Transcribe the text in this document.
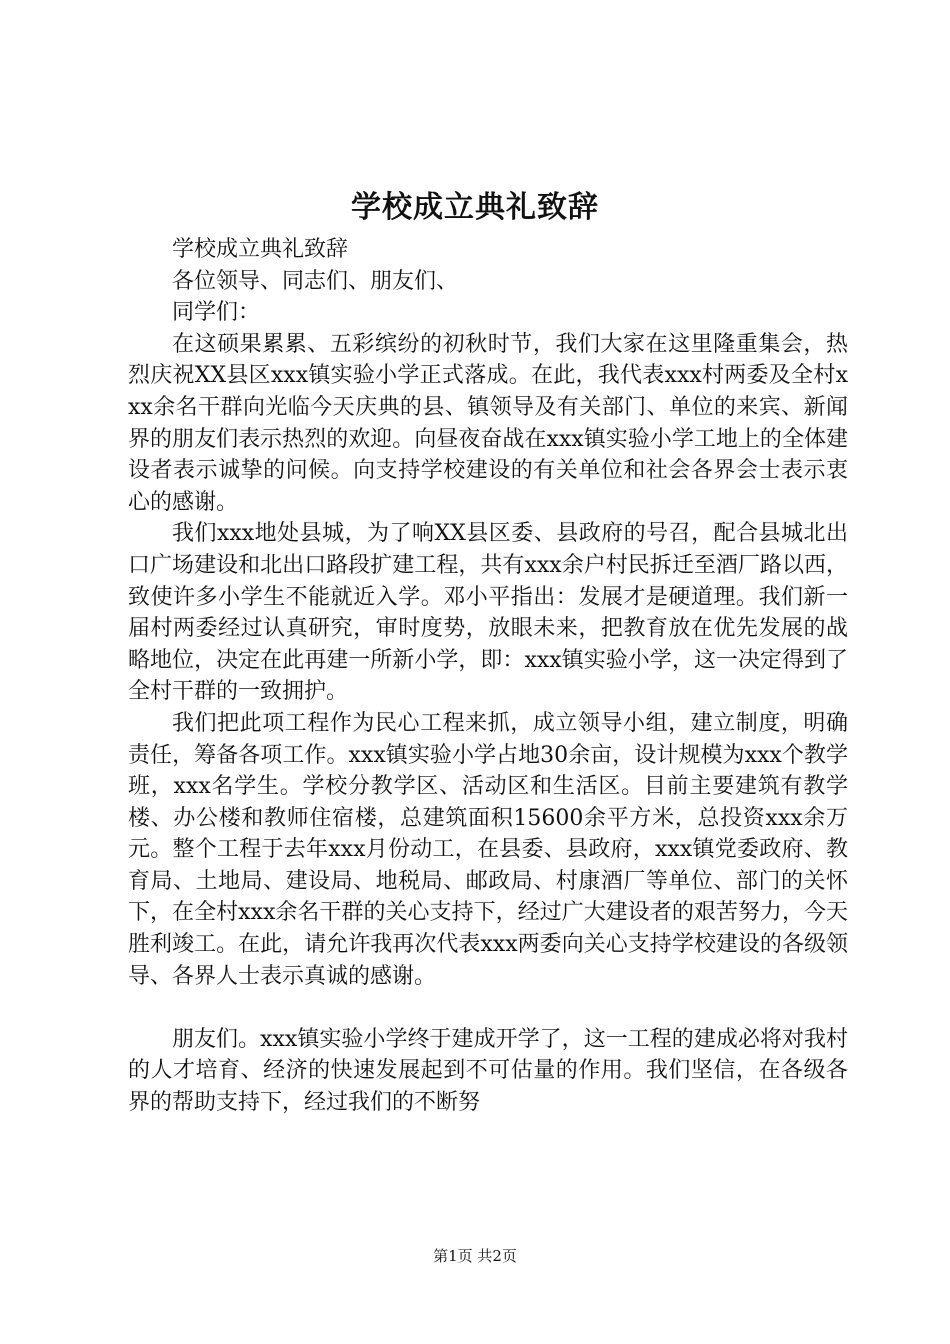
学校成立典礼致辞

学校成立典礼致辞

各位领导、同志们、朋友们、

同学们：

在这硕果累累、五彩缤纷的初秋时节，我们大家在这里隆重集会，热烈庆祝XX县区xxx镇实验小学正式落成。在此，我代表xxx村两委及全村xxx余名干群向光临今天庆典的县、镇领导及有关部门、单位的来宾、新闻界的朋友们表示热烈的欢迎。向昼夜奋战在xxx镇实验小学工地上的全体建设者表示诚挚的问候。向支持学校建设的有关单位和社会各界会士表示衷心的感谢。

我们xxx地处县城，为了响XX县区委、县政府的号召，配合县城北出口广场建设和北出口路段扩建工程，共有xxx余户村民拆迁至酒厂路以西，致使许多小学生不能就近入学。邓小平指出：发展才是硬道理。我们新一届村两委经过认真研究，审时度势，放眼未来，把教育放在优先发展的战略地位，决定在此再建一所新小学，即：xxx镇实验小学，这一决定得到了全村干群的一致拥护。

我们把此项工程作为民心工程来抓，成立领导小组，建立制度，明确责任，筹备各项工作。xxx镇实验小学占地30余亩，设计规模为xxx个教学班，xxx名学生。学校分教学区、活动区和生活区。目前主要建筑有教学楼、办公楼和教师住宿楼，总建筑面积15600余平方米，总投资xxx余万元。整个工程于去年xxx月份动工，在县委、县政府，xxx镇党委政府、教育局、土地局、建设局、地税局、邮政局、村康酒厂等单位、部门的关怀下，在全村xxx余名干群的关心支持下，经过广大建设者的艰苦努力，今天胜利竣工。在此，请允许我再次代表xxx两委向关心支持学校建设的各级领导、各界人士表示真诚的感谢。

朋友们。xxx镇实验小学终于建成开学了，这一工程的建成必将对我村的人才培育、经济的快速发展起到不可估量的作用。我们坚信，在各级各界的帮助支持下，经过我们的不断努

第1页 共2页
